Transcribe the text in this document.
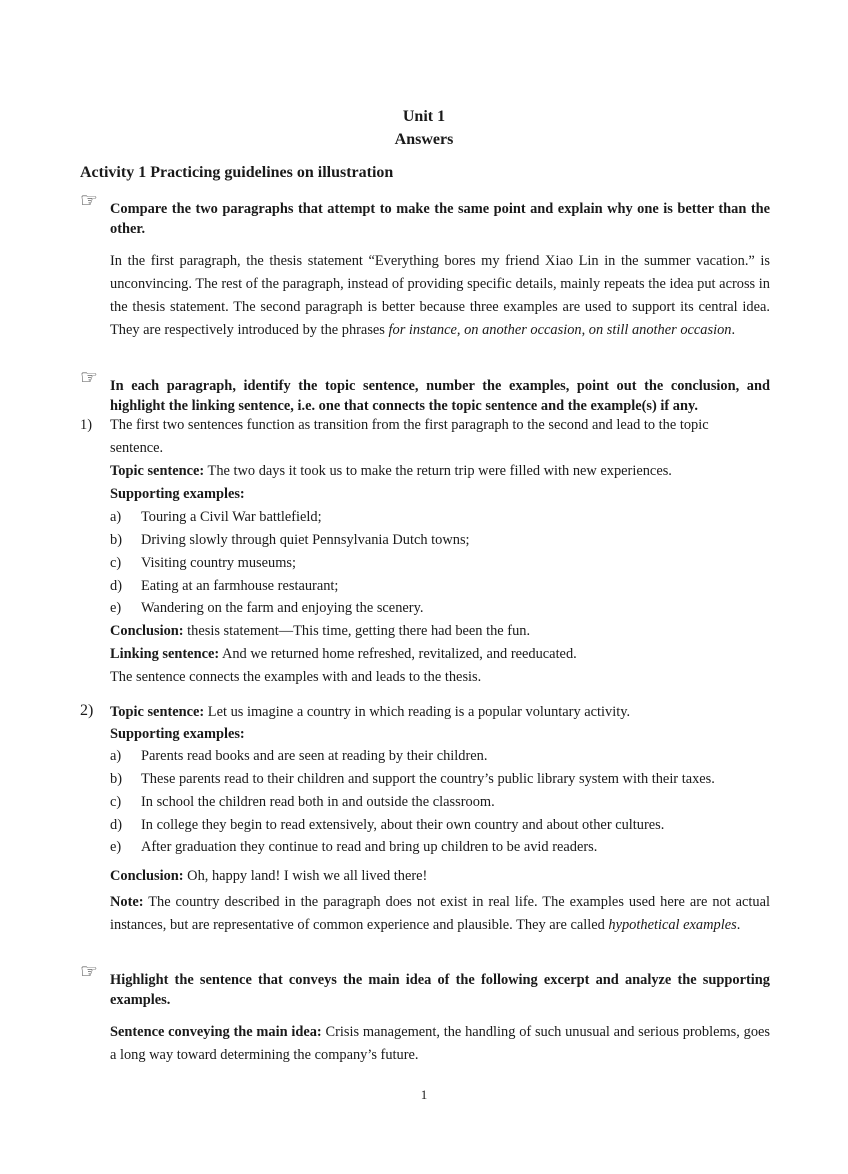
Unit 1
Answers
Activity 1 Practicing guidelines on illustration
☞ Compare the two paragraphs that attempt to make the same point and explain why one is better than the other.
In the first paragraph, the thesis statement “Everything bores my friend Xiao Lin in the summer vacation.” is unconvincing. The rest of the paragraph, instead of providing specific details, mainly repeats the idea put across in the thesis statement. The second paragraph is better because three examples are used to support its central idea. They are respectively introduced by the phrases for instance, on another occasion, on still another occasion.
☞ In each paragraph, identify the topic sentence, number the examples, point out the conclusion, and highlight the linking sentence, i.e. one that connects the topic sentence and the example(s) if any.
1) The first two sentences function as transition from the first paragraph to the second and lead to the topic
sentence.
Topic sentence: The two days it took us to make the return trip were filled with new experiences.
Supporting examples:
a) Touring a Civil War battlefield;
b) Driving slowly through quiet Pennsylvania Dutch towns;
c) Visiting country museums;
d) Eating at an farmhouse restaurant;
e) Wandering on the farm and enjoying the scenery.
Conclusion: thesis statement—This time, getting there had been the fun.
Linking sentence: And we returned home refreshed, revitalized, and reeducated.
The sentence connects the examples with and leads to the thesis.
2) Topic sentence: Let us imagine a country in which reading is a popular voluntary activity.
Supporting examples:
a) Parents read books and are seen at reading by their children.
b) These parents read to their children and support the country’s public library system with their taxes.
c) In school the children read both in and outside the classroom.
d) In college they begin to read extensively, about their own country and about other cultures.
e) After graduation they continue to read and bring up children to be avid readers.
Conclusion: Oh, happy land! I wish we all lived there!
Note: The country described in the paragraph does not exist in real life. The examples used here are not actual instances, but are representative of common experience and plausible. They are called hypothetical examples.
☞ Highlight the sentence that conveys the main idea of the following excerpt and analyze the supporting examples.
Sentence conveying the main idea: Crisis management, the handling of such unusual and serious problems, goes a long way toward determining the company’s future.
1
